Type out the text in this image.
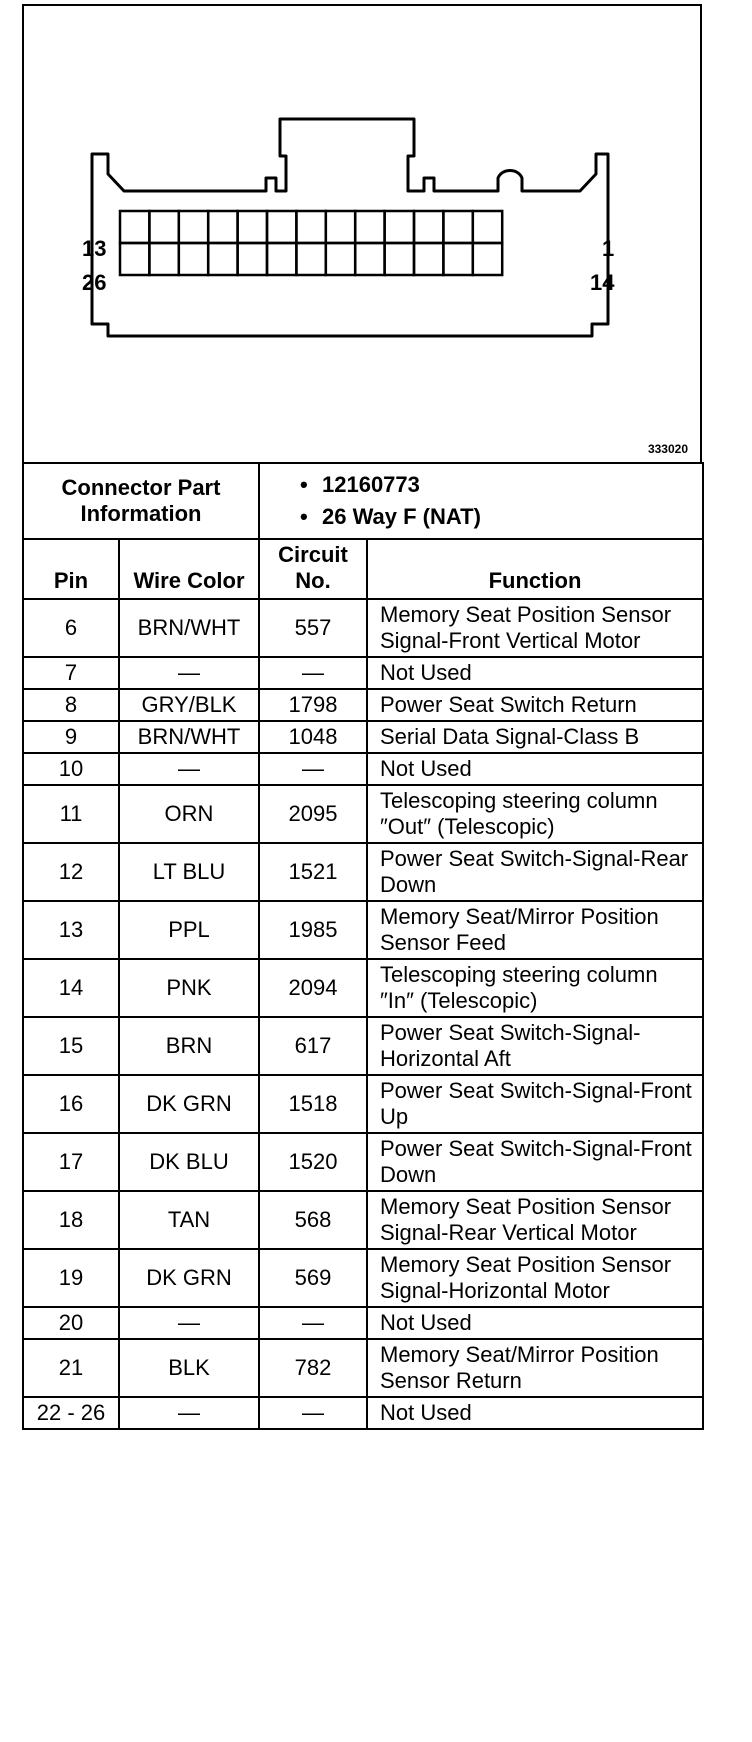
13
26
1
14
333020
Connector Part Information		• 12160773
• 26 Way F (NAT)	

Pin	Wire Color	Circuit No.	Function
6	BRN/WHT	557	Memory Seat Position Sensor Signal-Front Vertical Motor
7	—	—	Not Used
8	GRY/BLK	1798	Power Seat Switch Return
9	BRN/WHT	1048	Serial Data Signal-Class B
10	—	—	Not Used
11	ORN	2095	Telescoping steering column ″Out″ (Telescopic)
12	LT BLU	1521	Power Seat Switch-Signal-Rear Down
13	PPL	1985	Memory Seat/Mirror Position Sensor Feed
14	PNK	2094	Telescoping steering column ″In″ (Telescopic)
15	BRN	617	Power Seat Switch-Signal-Horizontal Aft
16	DK GRN	1518	Power Seat Switch-Signal-Front Up
17	DK BLU	1520	Power Seat Switch-Signal-Front Down
18	TAN	568	Memory Seat Position Sensor Signal-Rear Vertical Motor
19	DK GRN	569	Memory Seat Position Sensor Signal-Horizontal Motor
20	—	—	Not Used
21	BLK	782	Memory Seat/Mirror Position Sensor Return
22 - 26	—	—	Not Used
